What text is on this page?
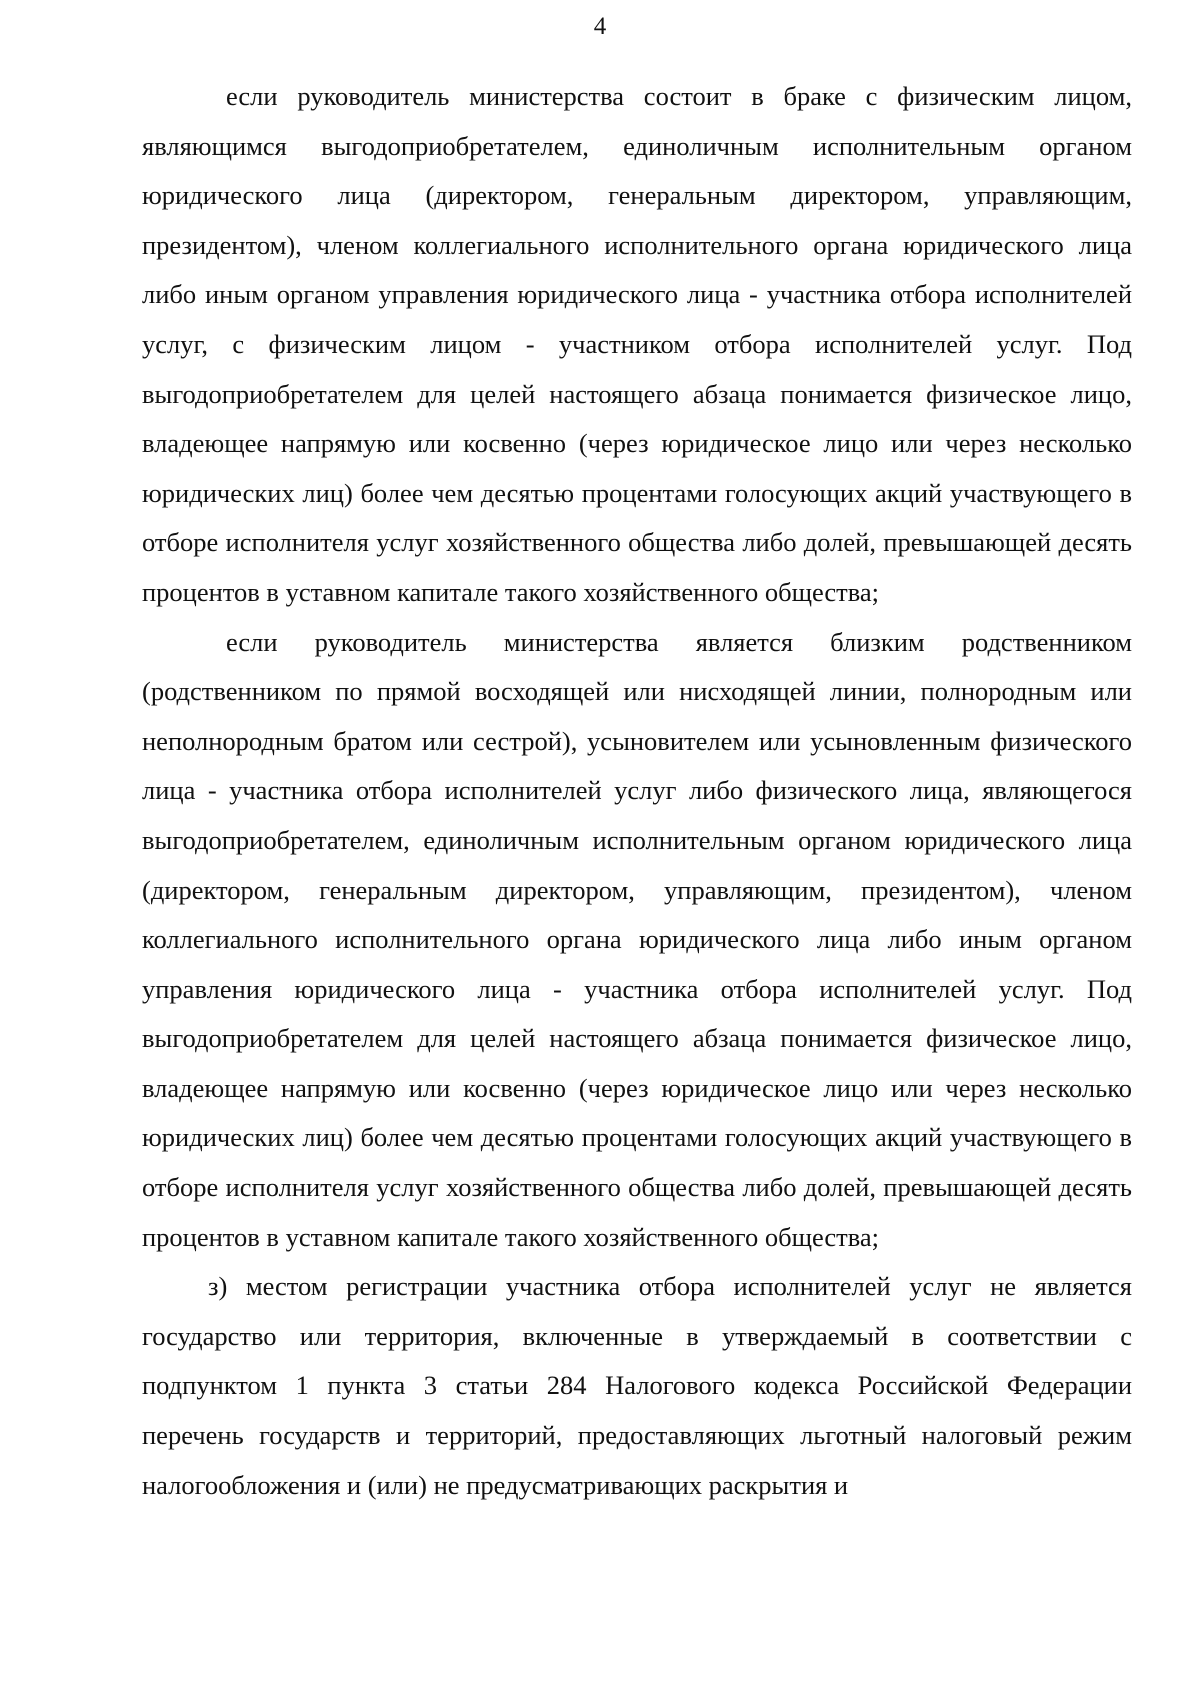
4

если руководитель министерства состоит в браке с физическим лицом, являющимся выгодоприобретателем, единоличным исполнительным органом юридического лица (директором, генеральным директором, управляющим, президентом), членом коллегиального исполнительного органа юридического лица либо иным органом управления юридического лица - участника отбора исполнителей услуг, с физическим лицом - участником отбора исполнителей услуг. Под выгодоприобретателем для целей настоящего абзаца понимается физическое лицо, владеющее напрямую или косвенно (через юридическое лицо или через несколько юридических лиц) более чем десятью процентами голосующих акций участвующего в отборе исполнителя услуг хозяйственного общества либо долей, превышающей десять процентов в уставном капитале такого хозяйственного общества;

если руководитель министерства является близким родственником (родственником по прямой восходящей или нисходящей линии, полнородным или неполнородным братом или сестрой), усыновителем или усыновленным физического лица - участника отбора исполнителей услуг либо физического лица, являющегося выгодоприобретателем, единоличным исполнительным органом юридического лица (директором, генеральным директором, управляющим, президентом), членом коллегиального исполнительного органа юридического лица либо иным органом управления юридического лица - участника отбора исполнителей услуг. Под выгодоприобретателем для целей настоящего абзаца понимается физическое лицо, владеющее напрямую или косвенно (через юридическое лицо или через несколько юридических лиц) более чем десятью процентами голосующих акций участвующего в отборе исполнителя услуг хозяйственного общества либо долей, превышающей десять процентов в уставном капитале такого хозяйственного общества;

з) местом регистрации участника отбора исполнителей услуг не является государство или территория, включенные в утверждаемый в соответствии с подпунктом 1 пункта 3 статьи 284 Налогового кодекса Российской Федерации перечень государств и территорий, предоставляющих льготный налоговый режим налогообложения и (или) не предусматривающих раскрытия и
